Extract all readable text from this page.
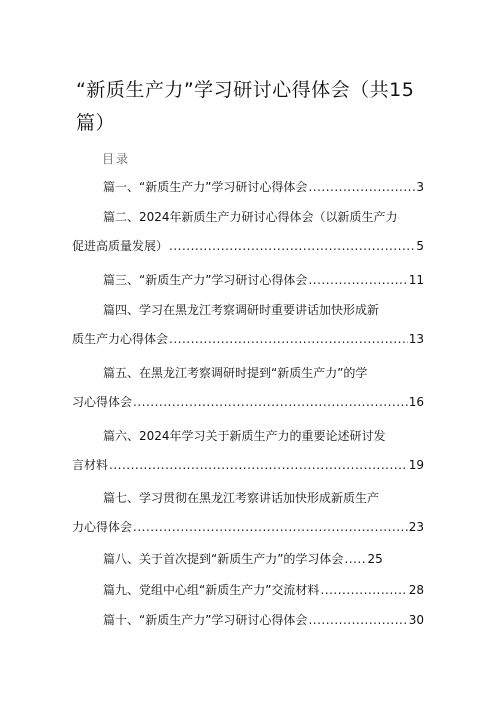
“新质生产力”学习研讨心得体会（共15篇）
目录
篇一、“新质生产力”学习研讨心得体会 .....	3
篇二、2024年新质生产力研讨心得体会（以新质生产力
促进高质量发展） .....	5
篇三、“新质生产力”学习研讨心得体会 .....	11
篇四、学习在黑龙江考察调研时重要讲话加快形成新
质生产力心得体会 .....	13
篇五、在黑龙江考察调研时提到“新质生产力”的学
习心得体会 .....	16
篇六、2024年学习关于新质生产力的重要论述研讨发
言材料 .....	19
篇七、学习贯彻在黑龙江考察讲话加快形成新质生产
力心得体会 .....	23
篇八、关于首次提到“新质生产力”的学习体会 ..... 25
篇九、党组中心组“新质生产力”交流材料 .....	28
篇十、“新质生产力”学习研讨心得体会 .....	30
